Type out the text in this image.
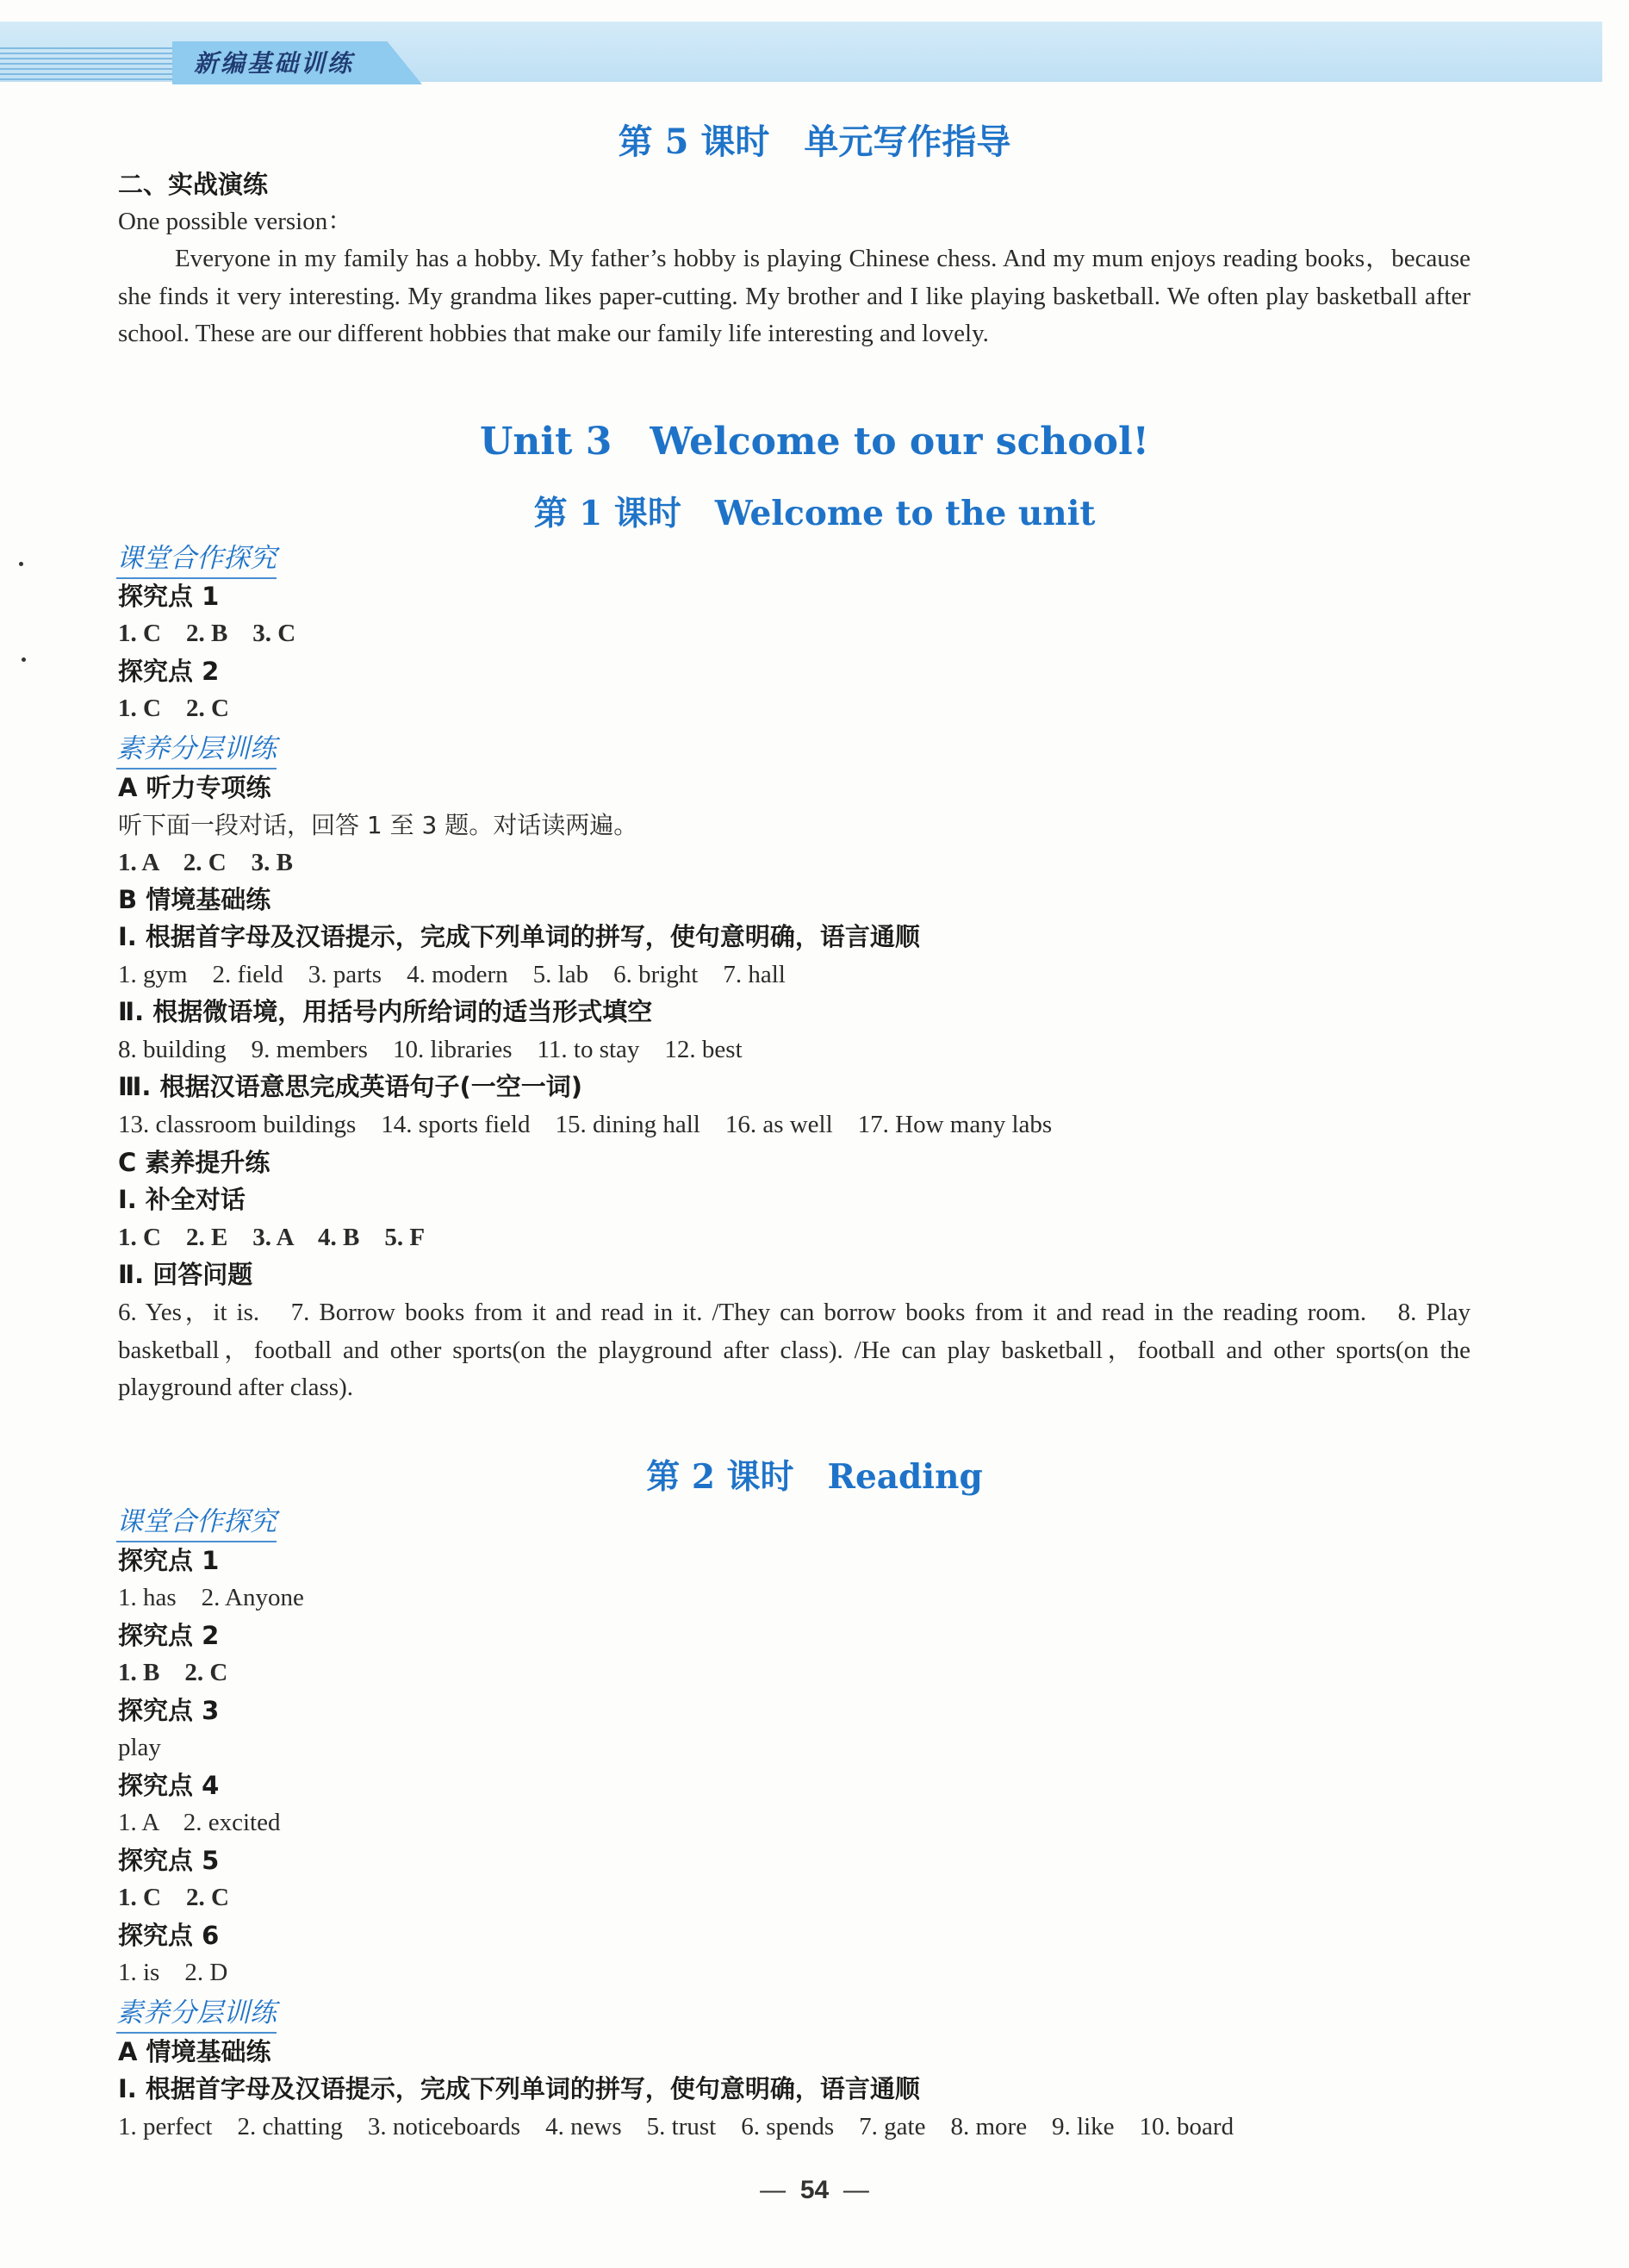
新编基础训练
第 5 课时　单元写作指导
二、实战演练
One possible version：
Everyone in my family has a hobby. My father’s hobby is playing Chinese chess. And my mum enjoys reading books，because she finds it very interesting. My grandma likes paper-cutting. My brother and I like playing basketball. We often play basketball after school. These are our different hobbies that make our family life interesting and lovely.
Unit 3　Welcome to our school!
第 1 课时　Welcome to the unit
课堂合作探究
探究点 1
1. C　2. B　3. C
探究点 2
1. C　2. C
素养分层训练
A 听力专项练
听下面一段对话，回答 1 至 3 题。对话读两遍。
1. A　2. C　3. B
B 情境基础练
Ⅰ. 根据首字母及汉语提示，完成下列单词的拼写，使句意明确，语言通顺
1. gym　2. field　3. parts　4. modern　5. lab　6. bright　7. hall
Ⅱ. 根据微语境，用括号内所给词的适当形式填空
8. building　9. members　10. libraries　11. to stay　12. best
Ⅲ. 根据汉语意思完成英语句子(一空一词)
13. classroom buildings　14. sports field　15. dining hall　16. as well　17. How many labs
C 素养提升练
Ⅰ. 补全对话
1. C　2. E　3. A　4. B　5. F
Ⅱ. 回答问题
6. Yes，it is.　7. Borrow books from it and read in it. /They can borrow books from it and read in the reading room.　8. Play basketball，football and other sports(on the playground after class). /He can play basketball，football and other sports(on the playground after class).
第 2 课时　Reading
课堂合作探究
探究点 1
1. has　2. Anyone
探究点 2
1. B　2. C
探究点 3
play
探究点 4
1. A　2. excited
探究点 5
1. C　2. C
探究点 6
1. is　2. D
素养分层训练
A 情境基础练
Ⅰ. 根据首字母及汉语提示，完成下列单词的拼写，使句意明确，语言通顺
1. perfect　2. chatting　3. noticeboards　4. news　5. trust　6. spends　7. gate　8. more　9. like　10. board
— 54 —
